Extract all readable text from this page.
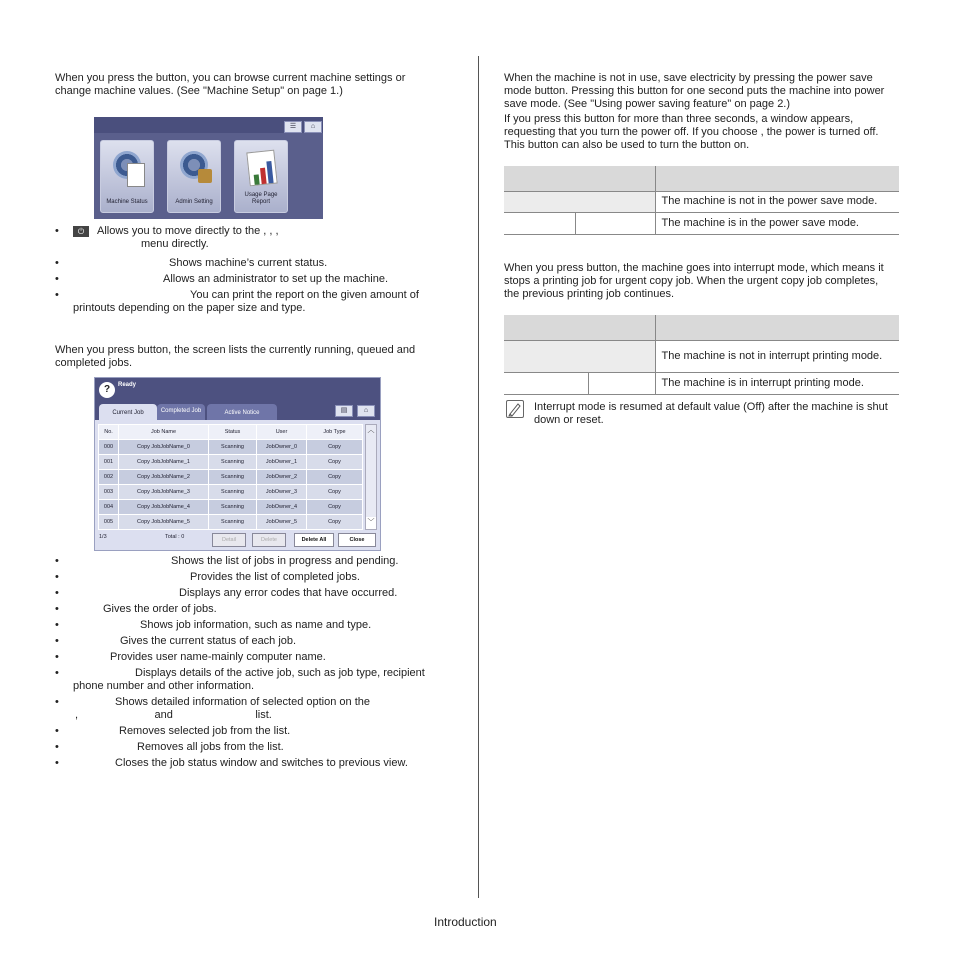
When you press the button, you can browse current machine settings or change machine values. (See "Machine Setup" on page 1.)

☰	⌂
Machine Status	Admin Setting
Usage Page Report
• ⏻ Allows you to move directly to the , , ,
menu directly.
• Shows machine’s current status.
• Allows an administrator to set up the machine.
• You can print the report on the given amount of
printouts depending on the paper size and type.

When you press button, the screen lists the currently running, queued and completed jobs.

?	Ready
Current Job	Completed Job	Active Notice	▤	⌂
No.	Job Name	Status	User	Job Type
000	Copy JobJobName_0	Scanning	JobOwner_0	Copy
001	Copy JobJobName_1	Scanning	JobOwner_1	Copy
002	Copy JobJobName_2	Scanning	JobOwner_2	Copy
003	Copy JobJobName_3	Scanning	JobOwner_3	Copy
004	Copy JobJobName_4	Scanning	JobOwner_4	Copy
005	Copy JobJobName_5	Scanning	JobOwner_5	Copy
︿
﹀
1/3	Total : 0	Detail	Delete	Delete All	Close
• Shows the list of jobs in progress and pending.
• Provides the list of completed jobs.
• Displays any error codes that have occurred.
• Gives the order of jobs.
• Shows job information, such as name and type.
• Gives the current status of each job.
• Provides user name-mainly computer name.
• Displays details of the active job, such as job type, recipient
phone number and other information.
• Shows detailed information of selected option on the
,                         and                           list.
• Removes selected job from the list.
• Removes all jobs from the list.
• Closes the job status window and switches to previous view.

When the machine is not in use, save electricity by pressing the power save mode button. Pressing this button for one second puts the machine into power save mode. (See "Using power saving feature" on page 2.)

If you press this button for more than three seconds, a window appears, requesting that you turn the power off. If you choose , the power is turned off. This button can also be used to turn the button on.

	The machine is not in the power save mode.

	The machine is in the power save mode.

When you press button, the machine goes into interrupt mode, which means it stops a printing job for urgent copy job. When the urgent copy job completes, the previous printing job continues.

	The machine is not in interrupt printing mode.

	The machine is in interrupt printing mode.

Interrupt mode is resumed at default value (Off) after the machine is shut down or reset.

Introduction
